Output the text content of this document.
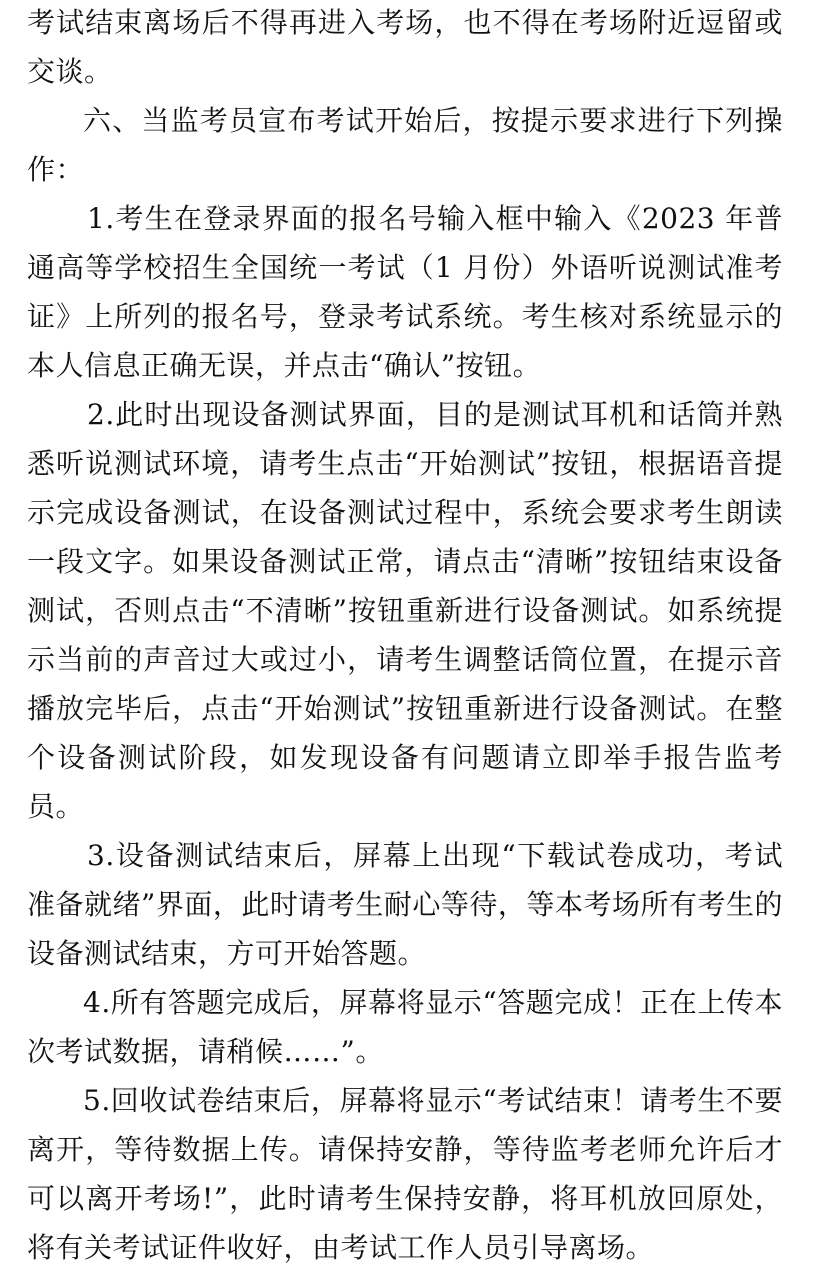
考试结束离场后不得再进入考场，也不得在考场附近逗留或交谈。

六、当监考员宣布考试开始后，按提示要求进行下列操作：

1.考生在登录界面的报名号输入框中输入《2023 年普通高等学校招生全国统一考试（1 月份）外语听说测试准考证》上所列的报名号，登录考试系统。考生核对系统显示的本人信息正确无误，并点击“确认”按钮。

2.此时出现设备测试界面，目的是测试耳机和话筒并熟悉听说测试环境，请考生点击“开始测试”按钮，根据语音提示完成设备测试，在设备测试过程中，系统会要求考生朗读一段文字。如果设备测试正常，请点击“清晰”按钮结束设备测试，否则点击“不清晰”按钮重新进行设备测试。如系统提示当前的声音过大或过小，请考生调整话筒位置，在提示音播放完毕后，点击“开始测试”按钮重新进行设备测试。在整个设备测试阶段，如发现设备有问题请立即举手报告监考员。

3.设备测试结束后，屏幕上出现“下载试卷成功，考试准备就绪”界面，此时请考生耐心等待，等本考场所有考生的设备测试结束，方可开始答题。

4.所有答题完成后，屏幕将显示“答题完成！正在上传本次考试数据，请稍候……”。

5.回收试卷结束后，屏幕将显示“考试结束！请考生不要离开，等待数据上传。请保持安静，等待监考老师允许后才可以离开考场!”，此时请考生保持安静，将耳机放回原处，将有关考试证件收好，由考试工作人员引导离场。
